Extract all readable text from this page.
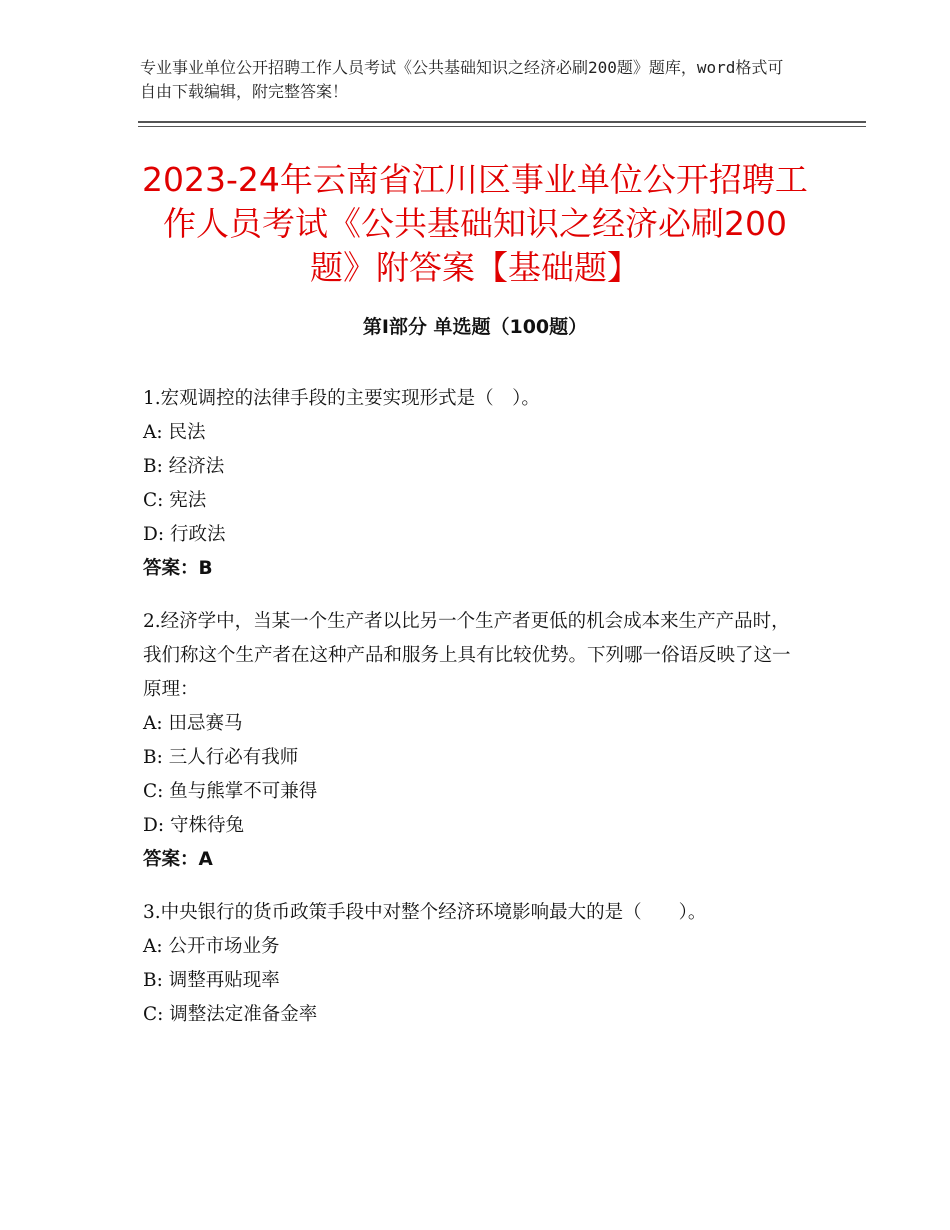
专业事业单位公开招聘工作人员考试《公共基础知识之经济必刷200题》题库，word格式可自由下载编辑，附完整答案！
2023-24年云南省江川区事业单位公开招聘工作人员考试《公共基础知识之经济必刷200题》附答案【基础题】
第Ⅰ部分 单选题（100题）
1.宏观调控的法律手段的主要实现形式是（　）。
A: 民法
B: 经济法
C: 宪法
D: 行政法
答案：B
2.经济学中，当某一个生产者以比另一个生产者更低的机会成本来生产产品时，我们称这个生产者在这种产品和服务上具有比较优势。下列哪一俗语反映了这一原理：
A: 田忌赛马
B: 三人行必有我师
C: 鱼与熊掌不可兼得
D: 守株待兔
答案：A
3.中央银行的货币政策手段中对整个经济环境影响最大的是（　　）。
A: 公开市场业务
B: 调整再贴现率
C: 调整法定准备金率
